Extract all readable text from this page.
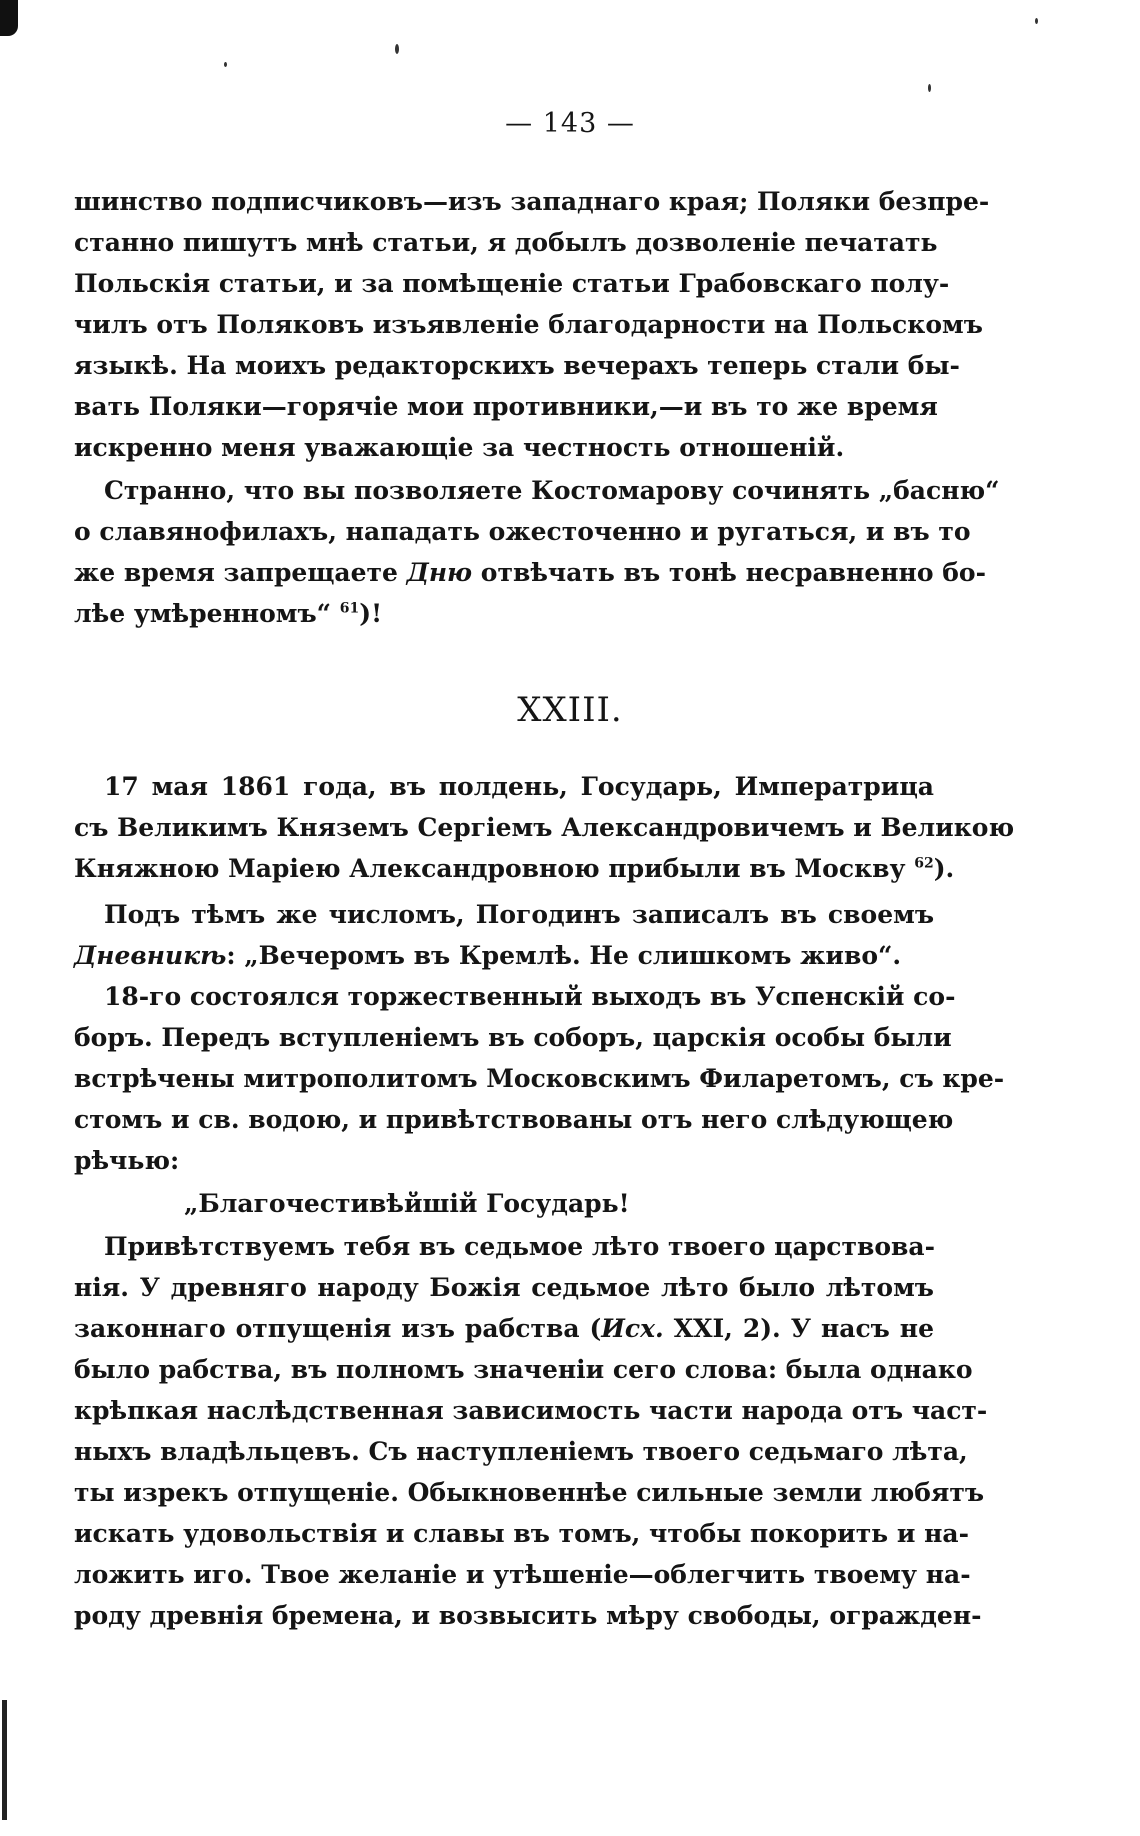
— 143 —
шинство подписчиковъ—изъ западнаго края; Поляки безпре-
станно пишутъ мнѣ статьи, я добылъ дозволеніе печатать
Польскія статьи, и за помѣщеніе статьи Грабовскаго полу-
чилъ отъ Поляковъ изъявленіе благодарности на Польскомъ
языкѣ. На моихъ редакторскихъ вечерахъ теперь стали бы-
вать Поляки—горячіе мои противники,—и въ то же время
искренно меня уважающіе за честность отношеній.
Странно, что вы позволяете Костомарову сочинять „басню“
о славянофилахъ, нападать ожесточенно и ругаться, и въ то
же время запрещаете Дню отвѣчать въ тонѣ несравненно бо-
лѣе умѣренномъ“ $^{61}$)!
XXIII.
17 мая 1861 года, въ полдень, Государь, Императрица
съ Великимъ Княземъ Сергіемъ Александровичемъ и Великою
Княжною Маріею Александровною прибыли въ Москву $^{62}$).
Подъ тѣмъ же числомъ, Погодинъ записалъ въ своемъ
Дневникѣ: „Вечеромъ въ Кремлѣ. Не слишкомъ живо“.
18-го состоялся торжественный выходъ въ Успенскій со-
боръ. Передъ вступленіемъ въ соборъ, царскія особы были
встрѣчены митрополитомъ Московскимъ Филаретомъ, съ кре-
стомъ и св. водою, и привѣтствованы отъ него слѣдующею
рѣчью:
„Благочестивѣйшій Государь!
Привѣтствуемъ тебя въ седьмое лѣто твоего царствова-
нія. У древняго народу Божія седьмое лѣто было лѣтомъ
законнаго отпущенія изъ рабства (Исх. XXI, 2). У насъ не
было рабства, въ полномъ значеніи сего слова: была однако
крѣпкая наслѣдственная зависимость части народа отъ част-
ныхъ владѣльцевъ. Съ наступленіемъ твоего седьмаго лѣта,
ты изрекъ отпущеніе. Обыкновеннѣе сильные земли любятъ
искать удовольствія и славы въ томъ, чтобы покорить и на-
ложить иго. Твое желаніе и утѣшеніе—облегчить твоему на-
роду древнія бремена, и возвысить мѣру свободы, огражден-
